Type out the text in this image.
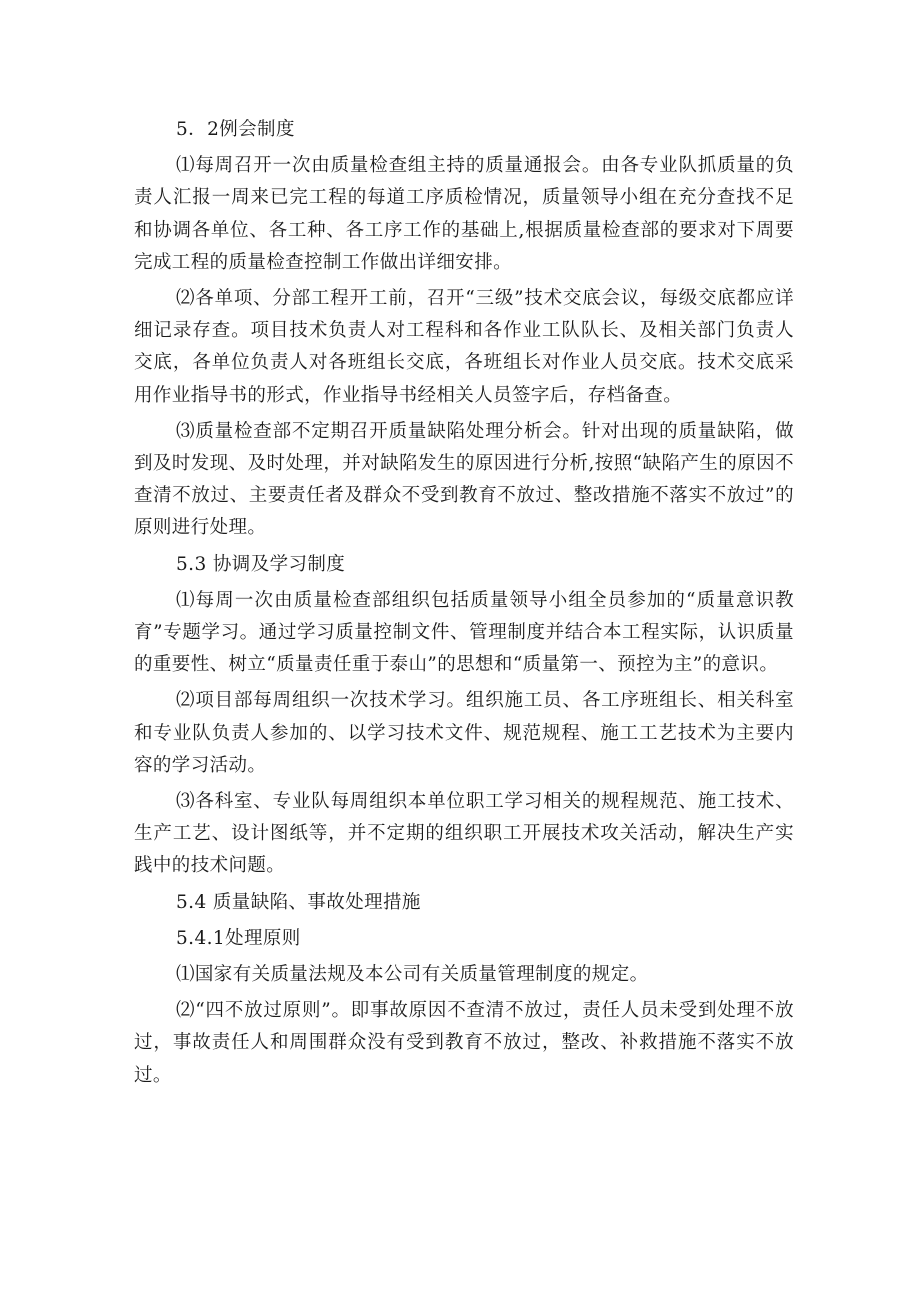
5．2例会制度

⑴每周召开一次由质量检查组主持的质量通报会。由各专业队抓质量的负责人汇报一周来已完工程的每道工序质检情况，质量领导小组在充分查找不足和协调各单位、各工种、各工序工作的基础上,根据质量检查部的要求对下周要完成工程的质量检查控制工作做出详细安排。

⑵各单项、分部工程开工前，召开“三级”技术交底会议，每级交底都应详细记录存查。项目技术负责人对工程科和各作业工队队长、及相关部门负责人交底，各单位负责人对各班组长交底，各班组长对作业人员交底。技术交底采用作业指导书的形式，作业指导书经相关人员签字后，存档备查。

⑶质量检查部不定期召开质量缺陷处理分析会。针对出现的质量缺陷，做到及时发现、及时处理，并对缺陷发生的原因进行分析,按照“缺陷产生的原因不查清不放过、主要责任者及群众不受到教育不放过、整改措施不落实不放过”的原则进行处理。

5.3 协调及学习制度

⑴每周一次由质量检查部组织包括质量领导小组全员参加的“质量意识教育”专题学习。通过学习质量控制文件、管理制度并结合本工程实际，认识质量的重要性、树立“质量责任重于泰山”的思想和“质量第一、预控为主”的意识。

⑵项目部每周组织一次技术学习。组织施工员、各工序班组长、相关科室和专业队负责人参加的、以学习技术文件、规范规程、施工工艺技术为主要内容的学习活动。

⑶各科室、专业队每周组织本单位职工学习相关的规程规范、施工技术、生产工艺、设计图纸等，并不定期的组织职工开展技术攻关活动，解决生产实践中的技术问题。

5.4 质量缺陷、事故处理措施

5.4.1处理原则

⑴国家有关质量法规及本公司有关质量管理制度的规定。

⑵“四不放过原则”。即事故原因不查清不放过，责任人员未受到处理不放过，事故责任人和周围群众没有受到教育不放过，整改、补救措施不落实不放过。
